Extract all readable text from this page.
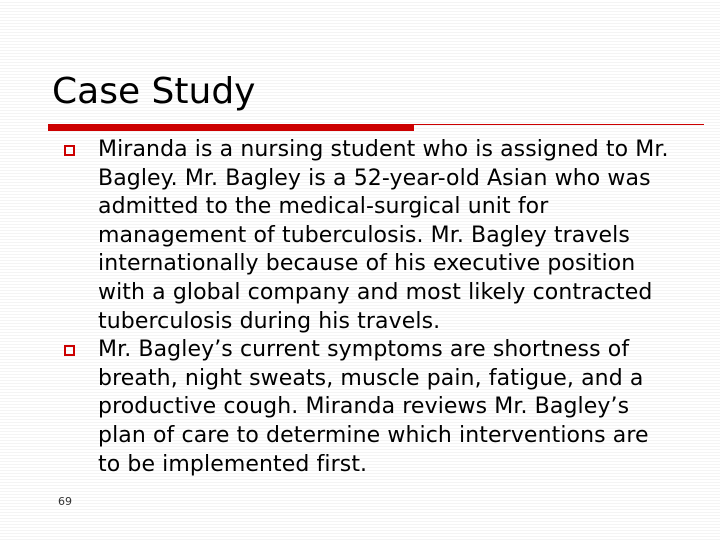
Case Study
Miranda is a nursing student who is assigned to Mr. Bagley. Mr. Bagley is a 52-year-old Asian who was admitted to the medical-surgical unit for management of tuberculosis. Mr. Bagley travels internationally because of his executive position with a global company and most likely contracted tuberculosis during his travels.
Mr. Bagley’s current symptoms are shortness of breath, night sweats, muscle pain, fatigue, and a productive cough. Miranda reviews Mr. Bagley’s plan of care to determine which interventions are to be implemented first.
69
